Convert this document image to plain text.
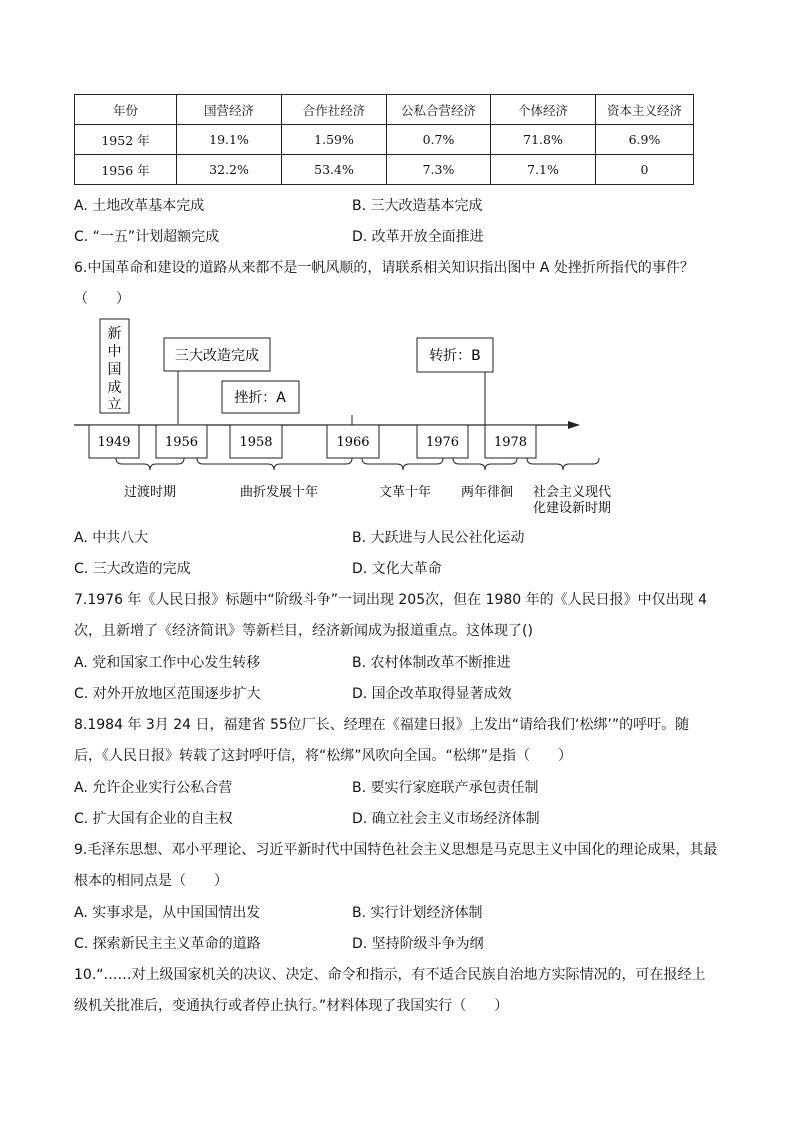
年份	国营经济	合作社经济	公私合营经济	个体经济	资本主义经济
1952 年	19.1%	1.59%	0.7%	71.8%	6.9%
1956 年	32.2%	53.4%	7.3%	7.1%	0
A. 土地改革基本完成	B. 三大改造基本完成
C. “一五”计划超额完成	D. 改革开放全面推进
6.中国革命和建设的道路从来都不是一帆风顺的，请联系相关知识指出图中 A 处挫折所指代的事件？
（　　）
新
中
国
成
立
三大改造完成
挫折：A
转折：B
1949	1956	1958	1966	1976	1978
过渡时期	曲折发展十年	文革十年 两年徘徊 社会主义现代
化建设新时期
A. 中共八大	B. 大跃进与人民公社化运动
C. 三大改造的完成	D. 文化大革命
7.1976 年《人民日报》标题中“阶级斗争”一词出现 205次，但在 1980 年的《人民日报》中仅出现 4
次，且新增了《经济简讯》等新栏目，经济新闻成为报道重点。这体现了()
A. 党和国家工作中心发生转移	B. 农村体制改革不断推进
C. 对外开放地区范围逐步扩大	D. 国企改革取得显著成效
8.1984 年 3月 24 日，福建省 55位厂长、经理在《福建日报》上发出“请给我们‘松绑’”的呼吁。随
后，《人民日报》转载了这封呼吁信，将“松绑”风吹向全国。“松绑”是指（　　）
A. 允许企业实行公私合营	B. 要实行家庭联产承包责任制
C. 扩大国有企业的自主权	D. 确立社会主义市场经济体制
9.毛泽东思想、邓小平理论、习近平新时代中国特色社会主义思想是马克思主义中国化的理论成果，其最
根本的相同点是（　　）
A. 实事求是，从中国国情出发	B. 实行计划经济体制
C. 探索新民主主义革命的道路	D. 坚持阶级斗争为纲
10.“……对上级国家机关的决议、决定、命令和指示，有不适合民族自治地方实际情况的，可在报经上
级机关批准后，变通执行或者停止执行。”材料体现了我国实行（　　）
